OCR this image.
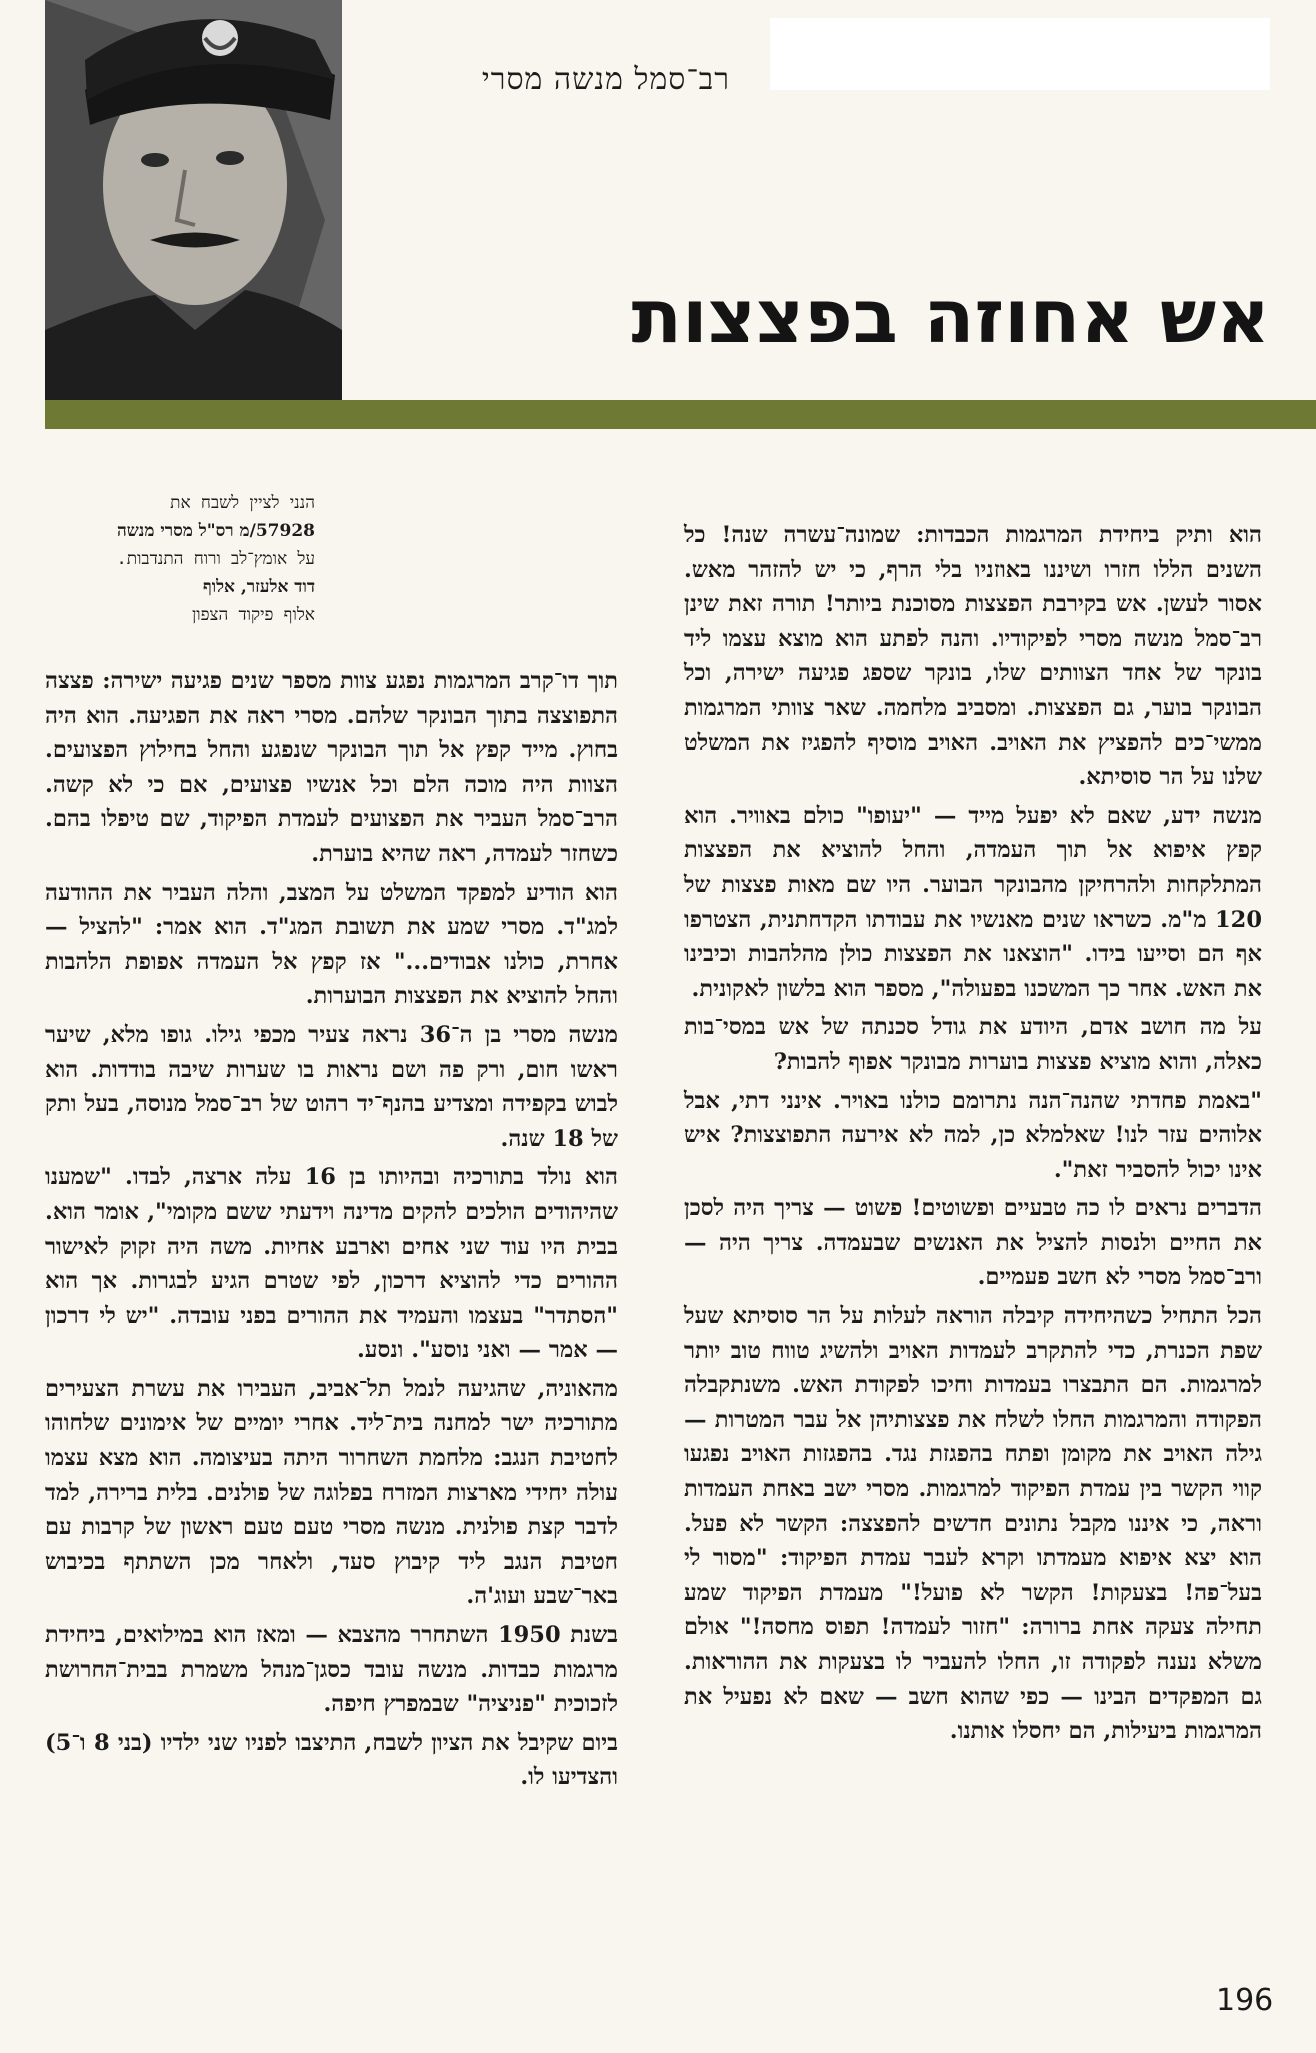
רב־סמל מנשה מסרי
אש אחוזה בפצצות
הנני לציין לשבח את
57928/מ רס"ל מסרי מנשה
על אומץ־לב ורוח התנדבות.
דוד אלעזר, אלוף
אלוף פיקוד הצפון

הוא ותיק ביחידת המרגמות הכבדות: שמונה־עשרה שנה! כל השנים הללו חזרו ושיננו באוזניו בלי הרף, כי יש להזהר מאש. אסור לעשן. אש בקירבת הפצצות מסוכנת ביותר! תורה זאת שינן רב־סמל מנשה מסרי לפיקודיו. והנה לפתע הוא מוצא עצמו ליד בונקר של אחד הצוותים שלו, בונקר שספג פגיעה ישירה, וכל הבונקר בוער, גם הפצצות. ומסביב מלחמה. שאר צוותי המרגמות ממשי־כים להפציץ את האויב. האויב מוסיף להפגיז את המשלט שלנו על הר סוסיתא.

מנשה ידע, שאם לא יפעל מייד — "יעופו" כולם באוויר. הוא קפץ איפוא אל תוך העמדה, והחל להוציא את הפצצות המתלקחות ולהרחיקן מהבונקר הבוער. היו שם מאות פצצות של 120 מ"מ. כשראו שנים מאנשיו את עבודתו הקדחתנית, הצטרפו אף הם וסייעו בידו. "הוצאנו את הפצצות כולן מהלהבות וכיבינו את האש. אחר כך המשכנו בפעולה", מספר הוא בלשון לאקונית.

על מה חושב אדם, היודע את גודל סכנתה של אש במסי־בות כאלה, והוא מוציא פצצות בוערות מבונקר אפוף להבות?

"באמת פחדתי שהנה־הנה נתרומם כולנו באויר. אינני דתי, אבל אלוהים עזר לנו! שאלמלא כן, למה לא אירעה התפוצצות? איש אינו יכול להסביר זאת".

הדברים נראים לו כה טבעיים ופשוטים! פשוט — צריך היה לסכן את החיים ולנסות להציל את האנשים שבעמדה. צריך היה — ורב־סמל מסרי לא חשב פעמיים.

הכל התחיל כשהיחידה קיבלה הוראה לעלות על הר סוסיתא שעל שפת הכנרת, כדי להתקרב לעמדות האויב ולהשיג טווח טוב יותר למרגמות. הם התבצרו בעמדות וחיכו לפקודת האש. משנתקבלה הפקודה והמרגמות החלו לשלח את פצצותיהן אל עבר המטרות — גילה האויב את מקומן ופתח בהפגזת נגד. בהפגזות האויב נפגעו קווי הקשר בין עמדת הפיקוד למרגמות. מסרי ישב באחת העמדות וראה, כי איננו מקבל נתונים חדשים להפצצה: הקשר לא פעל. הוא יצא איפוא מעמדתו וקרא לעבר עמדת הפיקוד: "מסור לי בעל־פה! בצעקות! הקשר לא פועל!" מעמדת הפיקוד שמע תחילה צעקה אחת ברורה: "חזור לעמדה! תפוס מחסה!" אולם משלא נענה לפקודה זו, החלו להעביר לו בצעקות את ההוראות. גם המפקדים הבינו — כפי שהוא חשב — שאם לא נפעיל את המרגמות ביעילות, הם יחסלו אותנו.

תוך דו־קרב המרגמות נפגע צוות מספר שנים פגיעה ישירה: פצצה התפוצצה בתוך הבונקר שלהם. מסרי ראה את הפגיעה. הוא היה בחוץ. מייד קפץ אל תוך הבונקר שנפגע והחל בחילוץ הפצועים. הצוות היה מוכה הלם וכל אנשיו פצועים, אם כי לא קשה. הרב־סמל העביר את הפצועים לעמדת הפיקוד, שם טיפלו בהם. כשחזר לעמדה, ראה שהיא בוערת.

הוא הודיע למפקד המשלט על המצב, והלה העביר את ההודעה למג"ד. מסרי שמע את תשובת המג"ד. הוא אמר: "להציל — אחרת, כולנו אבודים..." אז קפץ אל העמדה אפופת הלהבות והחל להוציא את הפצצות הבוערות.

מנשה מסרי בן ה־36 נראה צעיר מכפי גילו. גופו מלא, שיער ראשו חום, ורק פה ושם נראות בו שערות שיבה בודדות. הוא לבוש בקפידה ומצדיע בהנף־יד רהוט של רב־סמל מנוסה, בעל ותק של 18 שנה.

הוא נולד בתורכיה ובהיותו בן 16 עלה ארצה, לבדו. "שמענו שהיהודים הולכים להקים מדינה וידעתי ששם מקומי", אומר הוא. בבית היו עוד שני אחים וארבע אחיות. משה היה זקוק לאישור ההורים כדי להוציא דרכון, לפי שטרם הגיע לבגרות. אך הוא "הסתדר" בעצמו והעמיד את ההורים בפני עובדה. "יש לי דרכון — אמר — ואני נוסע". ונסע.

מהאוניה, שהגיעה לנמל תל־אביב, העבירו את עשרת הצעירים מתורכיה ישר למחנה בית־ליד. אחרי יומיים של אימונים שלחוהו לחטיבת הנגב: מלחמת השחרור היתה בעיצומה. הוא מצא עצמו עולה יחידי מארצות המזרח בפלוגה של פולנים. בלית ברירה, למד לדבר קצת פולנית. מנשה מסרי טעם טעם ראשון של קרבות עם חטיבת הנגב ליד קיבוץ סעד, ולאחר מכן השתתף בכיבוש באר־שבע ועוג'ה.

בשנת 1950 השתחרר מהצבא — ומאז הוא במילואים, ביחידת מרגמות כבדות. מנשה עובד כסגן־מנהל משמרת בבית־החרושת לזכוכית "פניציה" שבמפרץ חיפה.

ביום שקיבל את הציון לשבח, התיצבו לפניו שני ילדיו (בני 8 ו־5) והצדיעו לו.

196
